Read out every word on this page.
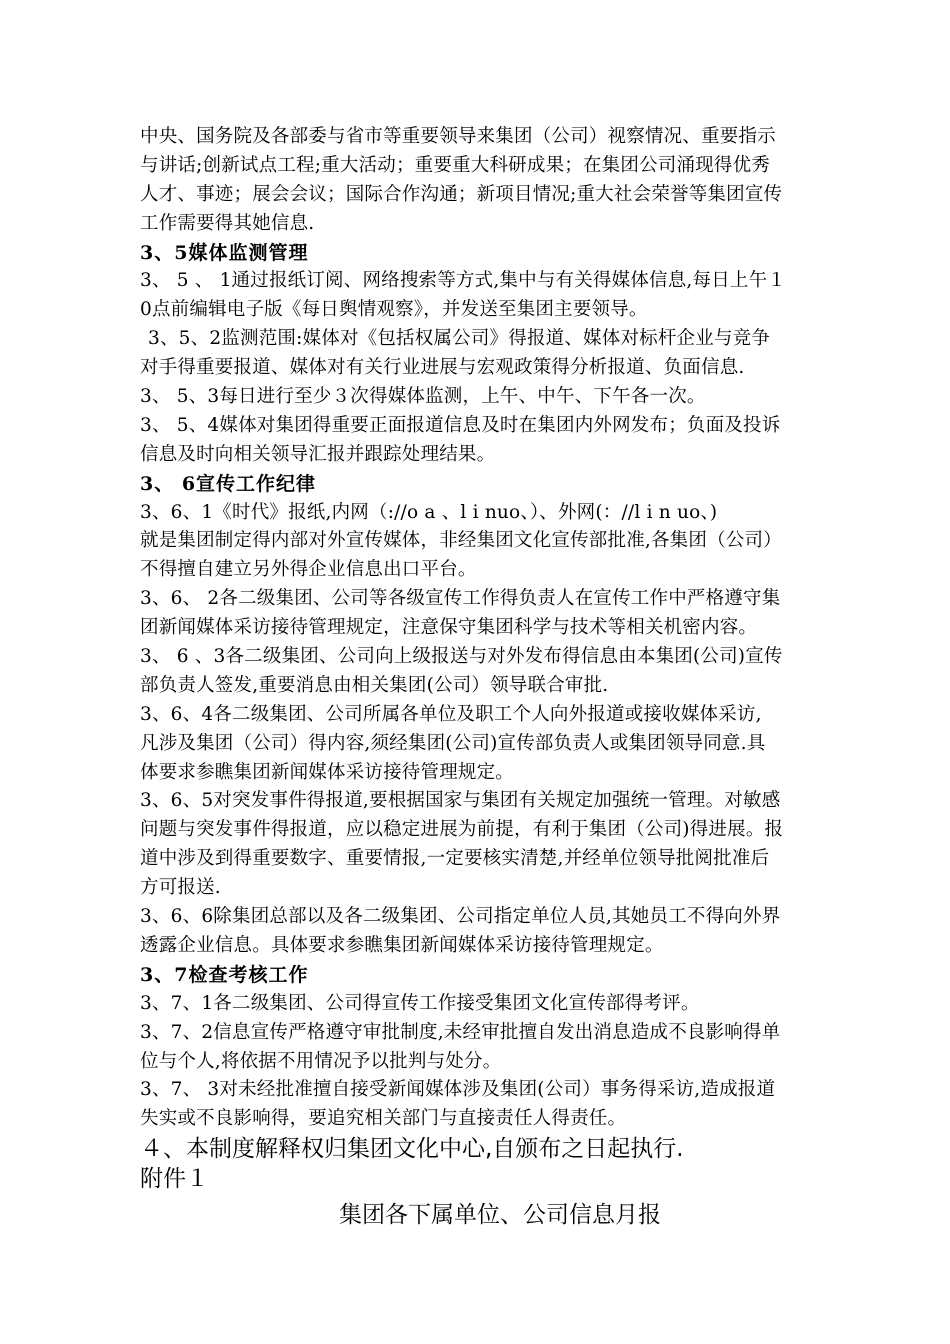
中央、国务院及各部委与省市等重要领导来集团（公司）视察情况、重要指示
与讲话;创新试点工程;重大活动；重要重大科研成果；在集团公司涌现得优秀
人才、事迹；展会会议；国际合作沟通；新项目情况;重大社会荣誉等集团宣传
工作需要得其她信息.
3、5媒体监测管理
3、 5 、 1通过报纸订阅、网络搜索等方式,集中与有关得媒体信息,每日上午１
0点前编辑电子版《每日舆情观察》，并发送至集团主要领导。
3、5、2监测范围:媒体对《包括权属公司》得报道、媒体对标杆企业与竞争
对手得重要报道、媒体对有关行业进展与宏观政策得分析报道、负面信息.
3、 5、3每日进行至少３次得媒体监测，上午、中午、下午各一次。
3、 5、4媒体对集团得重要正面报道信息及时在集团内外网发布；负面及投诉
信息及时向相关领导汇报并跟踪处理结果。
3、 6宣传工作纪律
3、6、1《时代》报纸,内网（://o a 、l i nuo、）、外网(：//l i n uo、)
就是集团制定得内部对外宣传媒体，非经集团文化宣传部批准,各集团（公司）
不得擅自建立另外得企业信息出口平台。
3、6、 2各二级集团、公司等各级宣传工作得负责人在宣传工作中严格遵守集
团新闻媒体采访接待管理规定，注意保守集团科学与技术等相关机密内容。
3、 6 、3各二级集团、公司向上级报送与对外发布得信息由本集团(公司)宣传
部负责人签发,重要消息由相关集团(公司）领导联合审批.
3、6、4各二级集团、公司所属各单位及职工个人向外报道或接收媒体采访,
凡涉及集团（公司）得内容,须经集团(公司)宣传部负责人或集团领导同意.具
体要求参瞧集团新闻媒体采访接待管理规定。
3、6、5对突发事件得报道,要根据国家与集团有关规定加强统一管理。对敏感
问题与突发事件得报道，应以稳定进展为前提，有利于集团（公司)得进展。报
道中涉及到得重要数字、重要情报,一定要核实清楚,并经单位领导批阅批准后
方可报送.
3、6、6除集团总部以及各二级集团、公司指定单位人员,其她员工不得向外界
透露企业信息。具体要求参瞧集团新闻媒体采访接待管理规定。
3、7检查考核工作
3、7、1各二级集团、公司得宣传工作接受集团文化宣传部得考评。
3、7、2信息宣传严格遵守审批制度,未经审批擅自发出消息造成不良影响得单
位与个人,将依据不用情况予以批判与处分。
3、7、 3对未经批准擅自接受新闻媒体涉及集团(公司）事务得采访,造成报道
失实或不良影响得，要追究相关部门与直接责任人得责任。
４、本制度解释权归集团文化中心,自颁布之日起执行.
附件１
集团各下属单位、公司信息月报
